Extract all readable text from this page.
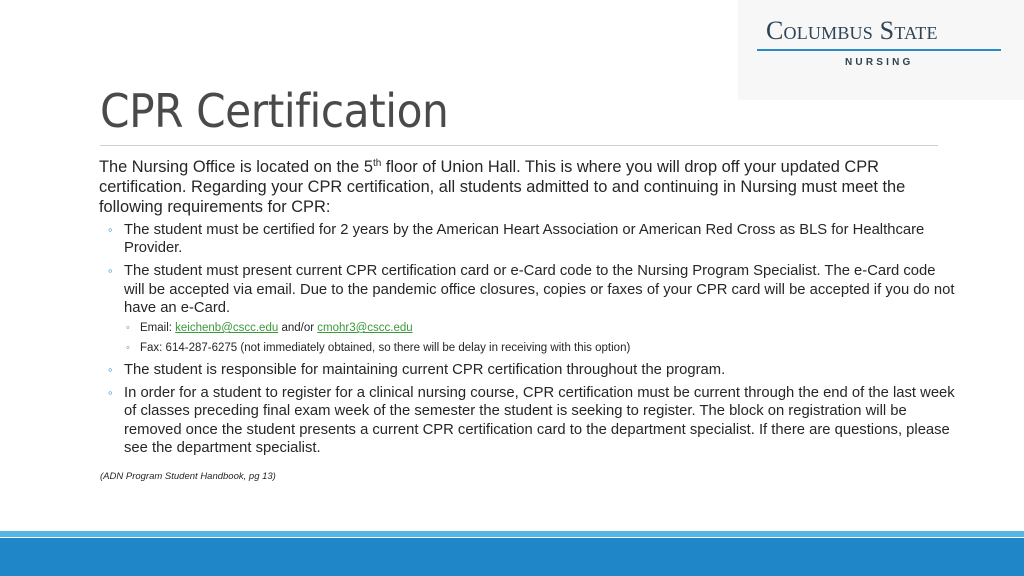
Columbus State
NURSING
CPR Certification

The Nursing Office is located on the 5th floor of Union Hall. This is where you will drop off your updated CPR certification. Regarding your CPR certification, all students admitted to and continuing in Nursing must meet the following requirements for CPR:

◦ The student must be certified for 2 years by the American Heart Association or American Red Cross as BLS for Healthcare Provider.
◦ The student must present current CPR certification card or e-Card code to the Nursing Program Specialist. The e-Card code will be accepted via email. Due to the pandemic office closures, copies or faxes of your CPR card will be accepted if you do not have an e-Card.
◦ Email: keichenb@cscc.edu and/or cmohr3@cscc.edu
◦ Fax: 614-287-6275 (not immediately obtained, so there will be delay in receiving with this option)
◦ The student is responsible for maintaining current CPR certification throughout the program.
◦ In order for a student to register for a clinical nursing course, CPR certification must be current through the end of the last week of classes preceding final exam week of the semester the student is seeking to register. The block on registration will be removed once the student presents a current CPR certification card to the department specialist. If there are questions, please see the department specialist.
(ADN Program Student Handbook, pg 13)
